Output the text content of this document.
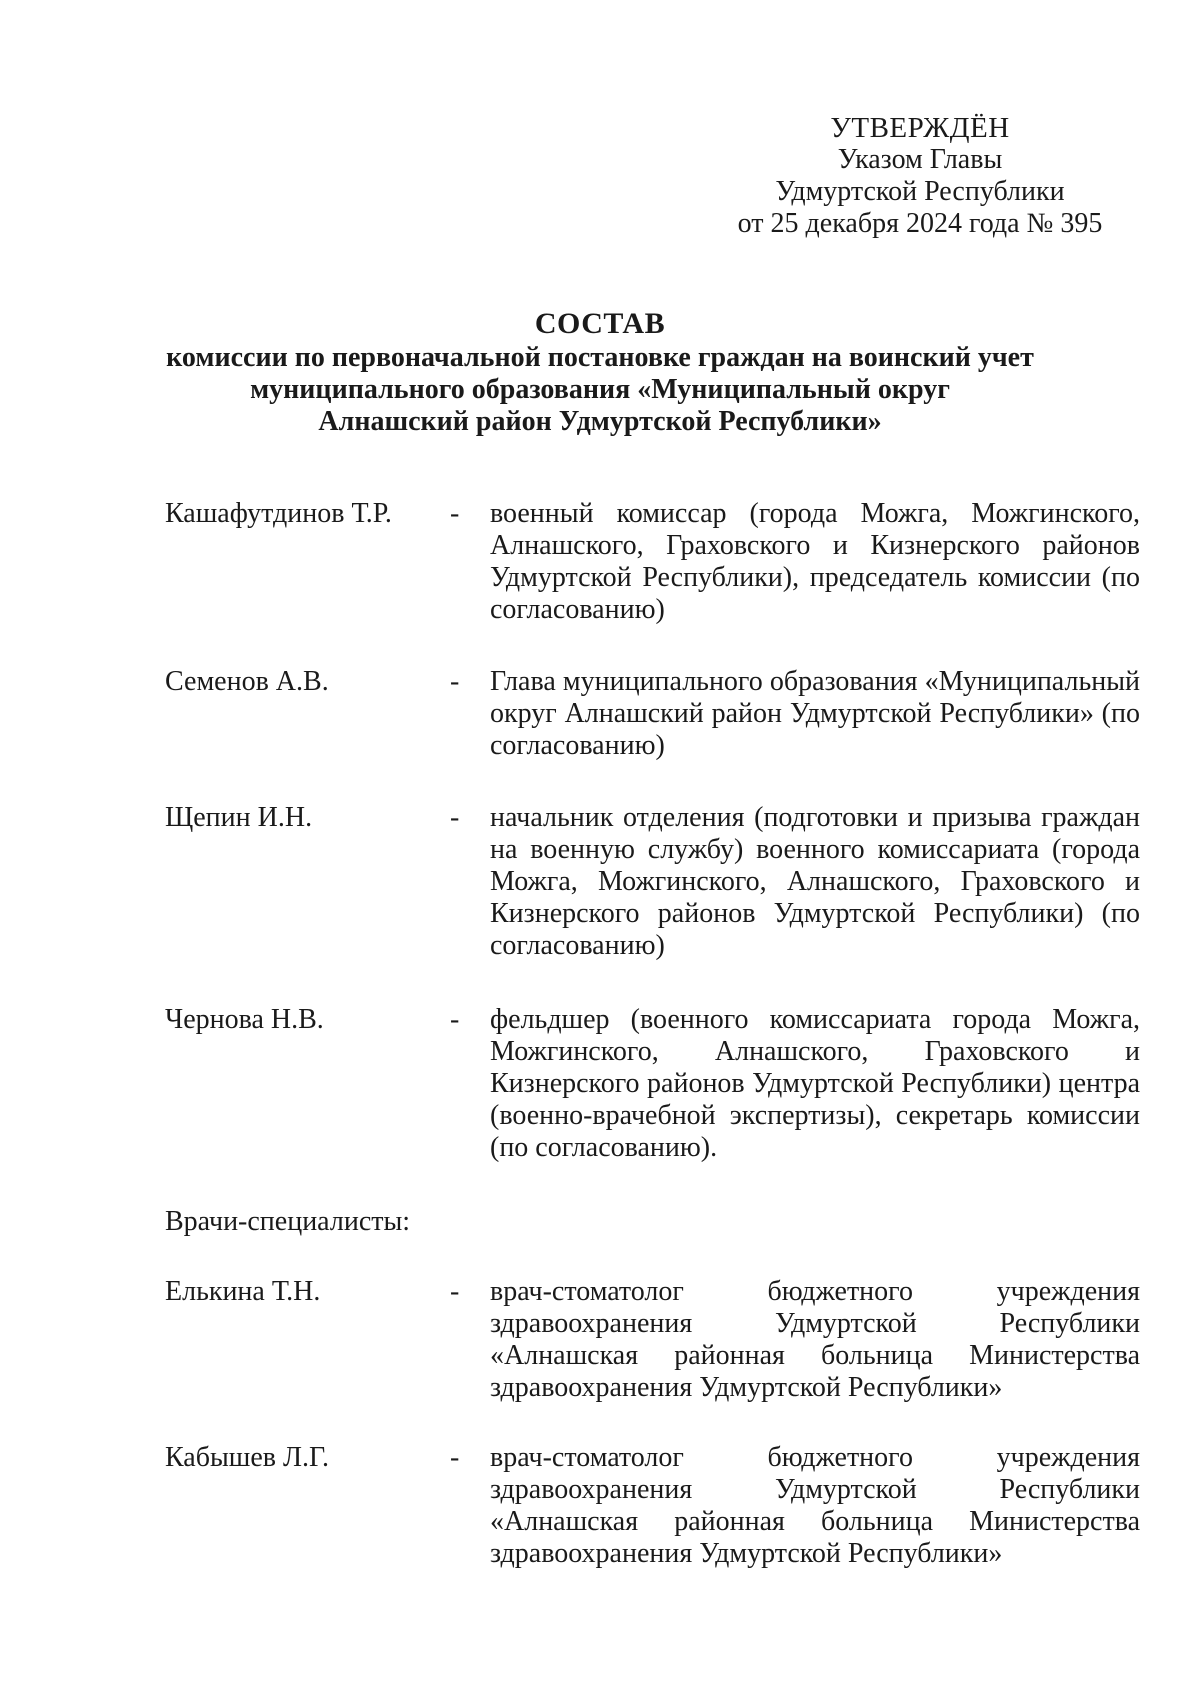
УТВЕРЖДЁН
Указом Главы
Удмуртской Республики
от 25 декабря 2024 года № 395
СОСТАВ
комиссии по первоначальной постановке граждан на воинский учет
муниципального образования «Муниципальный округ
Алнашский район Удмуртской Республики»
Кашафутдинов Т.Р.	-	военный комиссар (города Можга, Можгинского, Алнашского, Граховского и Кизнерского районов Удмуртской Республики), председатель комиссии (по согласованию)
Семенов А.В.	-	Глава муниципального образования «Муниципальный округ Алнашский район Удмуртской Республики» (по согласованию)
Щепин И.Н.	-	начальник отделения (подготовки и призыва граждан на военную службу) военного комиссариата (города Можга, Можгинского, Алнашского, Граховского и Кизнерского районов Удмуртской Республики) (по согласованию)
Чернова Н.В.	-	фельдшер (военного комиссариата города Можга, Можгинского, Алнашского, Граховского и Кизнерского районов Удмуртской Республики) центра (военно-врачебной экспертизы), секретарь комиссии (по согласованию).
Врачи-специалисты:
Елькина Т.Н.	-	врач-стоматолог бюджетного учреждения здравоохранения Удмуртской Республики «Алнашская районная больница Министерства здравоохранения Удмуртской Республики»
Кабышев Л.Г.	-	врач-стоматолог бюджетного учреждения здравоохранения Удмуртской Республики «Алнашская районная больница Министерства здравоохранения Удмуртской Республики»
